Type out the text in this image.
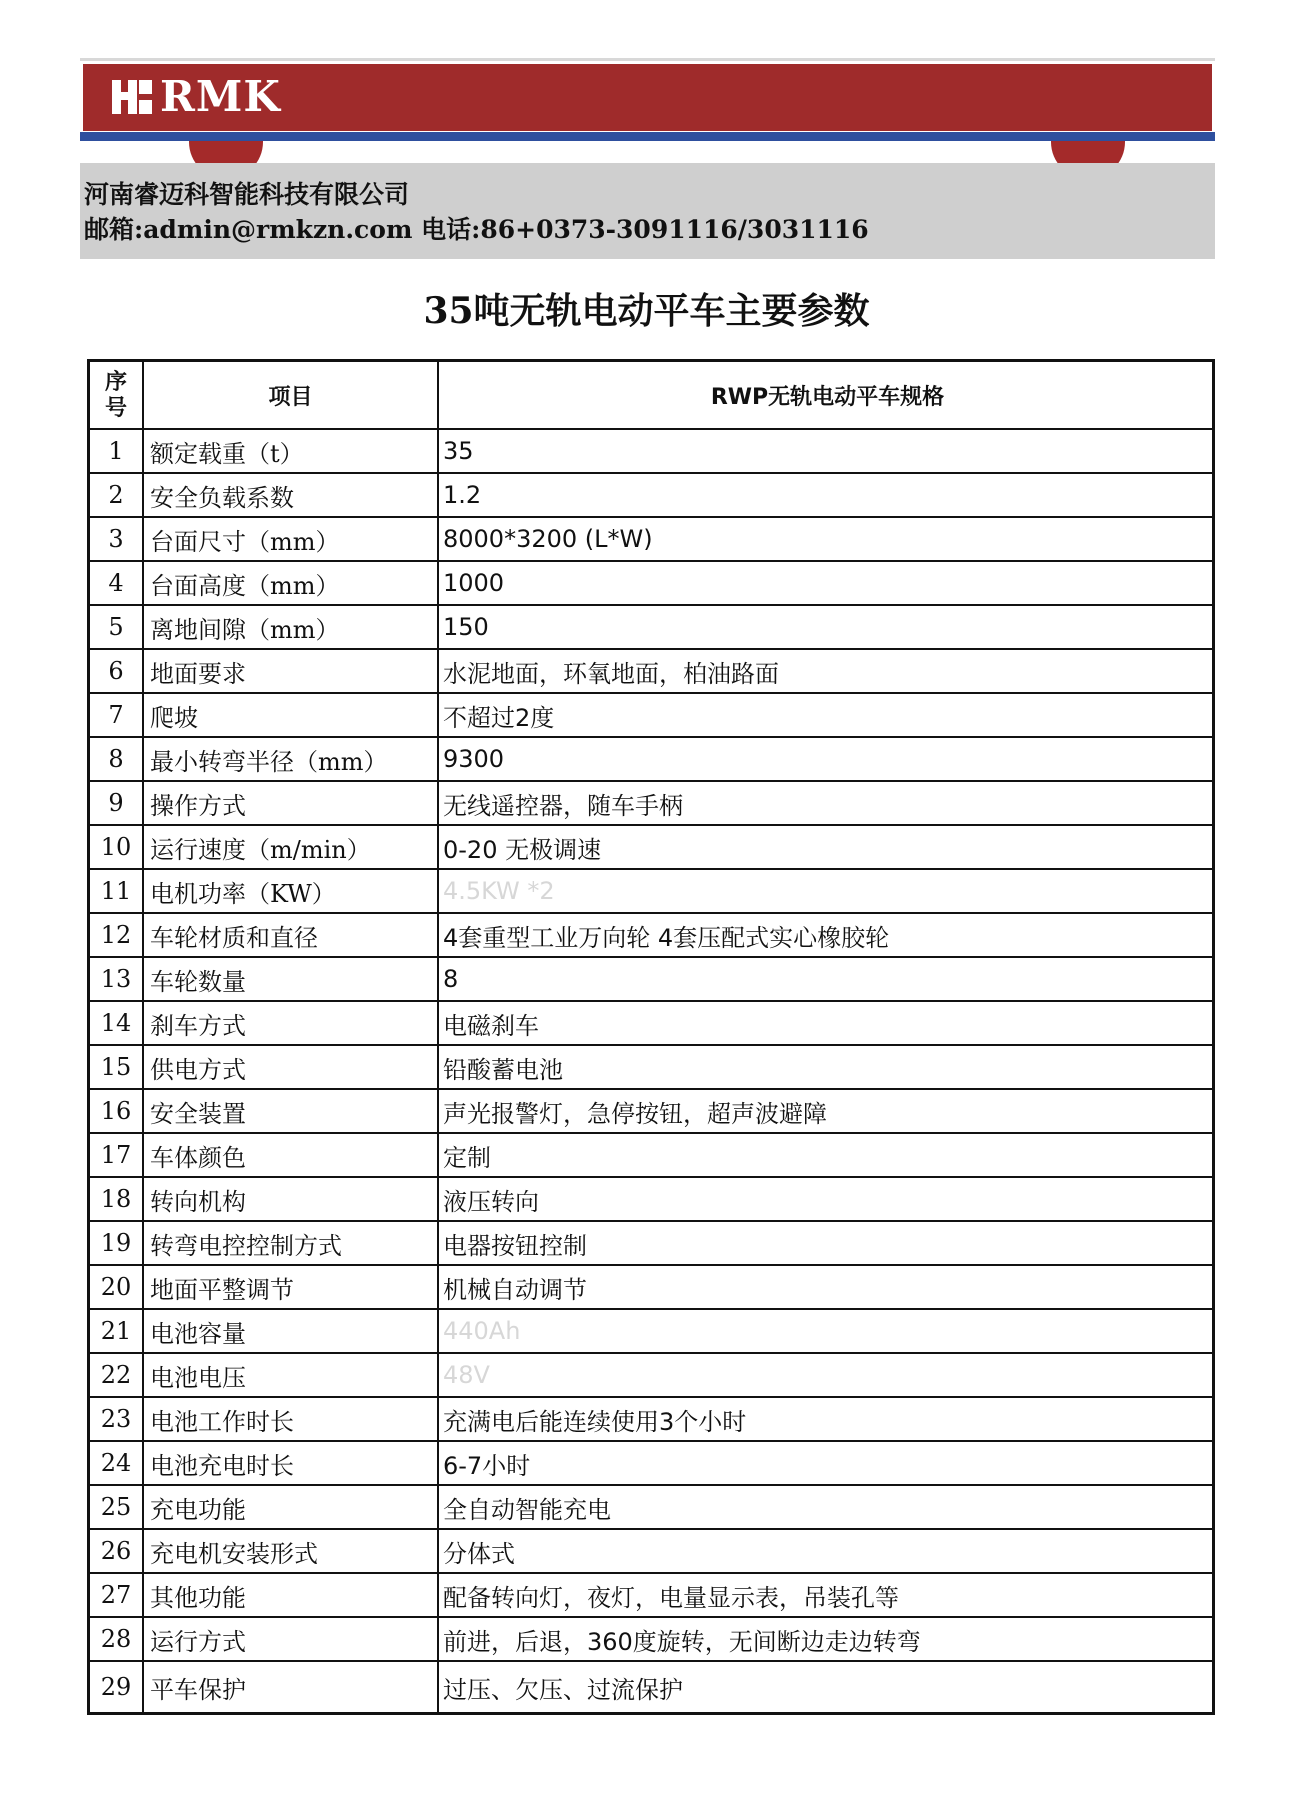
RMK
河南睿迈科智能科技有限公司
邮箱:admin@rmkzn.com 电话:86+0373-3091116/3031116
35吨无轨电动平车主要参数
序
号	项目	RWP无轨电动平车规格
1	额定载重（t）	35
2	安全负载系数	1.2
3	台面尺寸（mm）	8000*3200 (L*W)
4	台面高度（mm）	1000
5	离地间隙（mm）	150
6	地面要求	水泥地面，环氧地面，柏油路面
7	爬坡	不超过2度
8	最小转弯半径（mm）	9300
9	操作方式	无线遥控器，随车手柄
10	运行速度（m/min）	0-20 无极调速
11	电机功率（KW）	4.5KW *2
12	车轮材质和直径	4套重型工业万向轮 4套压配式实心橡胶轮
13	车轮数量	8
14	刹车方式	电磁刹车
15	供电方式	铅酸蓄电池
16	安全装置	声光报警灯，急停按钮，超声波避障
17	车体颜色	定制
18	转向机构	液压转向
19	转弯电控控制方式	电器按钮控制
20	地面平整调节	机械自动调节
21	电池容量	440Ah
22	电池电压	48V
23	电池工作时长	充满电后能连续使用3个小时
24	电池充电时长	6-7小时
25	充电功能	全自动智能充电
26	充电机安装形式	分体式
27	其他功能	配备转向灯，夜灯，电量显示表，吊装孔等
28	运行方式	前进，后退，360度旋转，无间断边走边转弯
29	平车保护	过压、欠压、过流保护
